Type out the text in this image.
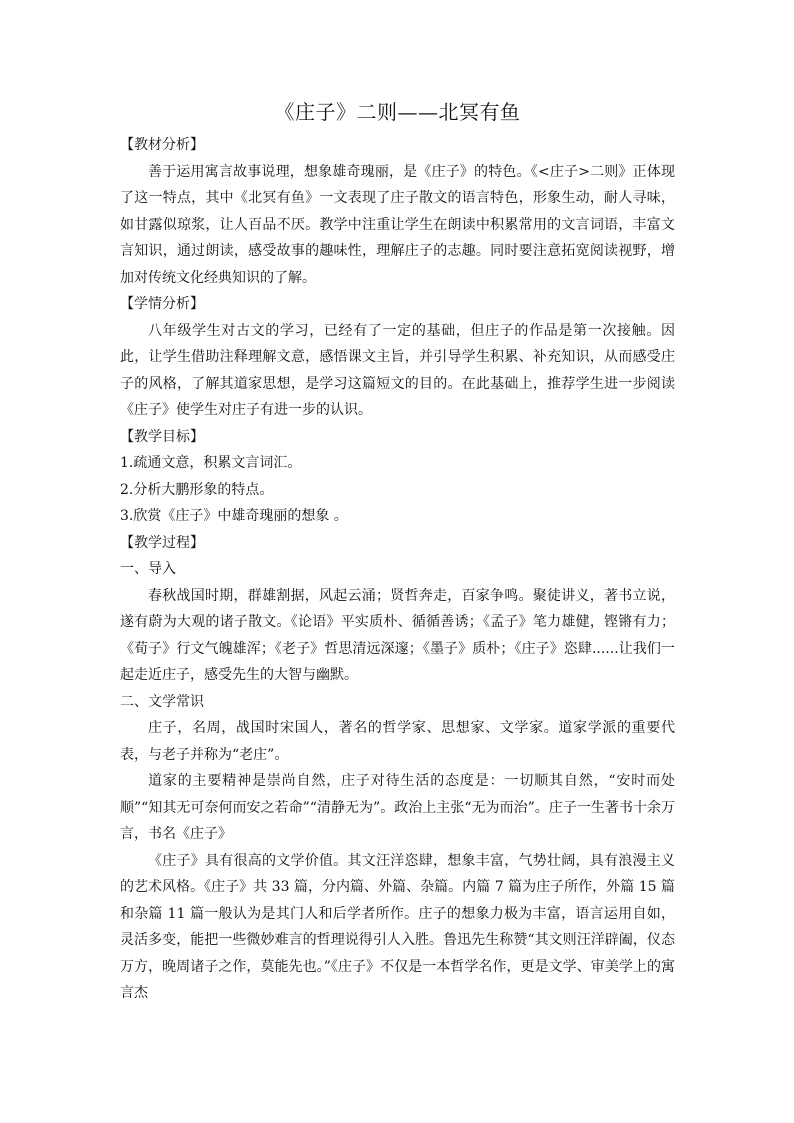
《庄子》二则——北冥有鱼

【教材分析】

善于运用寓言故事说理，想象雄奇瑰丽，是《庄子》的特色。《<庄子>二则》正体现了这一特点，其中《北冥有鱼》一文表现了庄子散文的语言特色，形象生动，耐人寻味，如甘露似琼浆，让人百品不厌。教学中注重让学生在朗读中积累常用的文言词语，丰富文言知识，通过朗读，感受故事的趣味性，理解庄子的志趣。同时要注意拓宽阅读视野，增加对传统文化经典知识的了解。

【学情分析】

八年级学生对古文的学习，已经有了一定的基础，但庄子的作品是第一次接触。因此，让学生借助注释理解文意，感悟课文主旨，并引导学生积累、补充知识，从而感受庄子的风格，了解其道家思想，是学习这篇短文的目的。在此基础上，推荐学生进一步阅读《庄子》使学生对庄子有进一步的认识。

【教学目标】

1.疏通文意，积累文言词汇。

2.分析大鹏形象的特点。

3.欣赏《庄子》中雄奇瑰丽的想象 。

【教学过程】

一、导入

春秋战国时期，群雄割据，风起云涌；贤哲奔走，百家争鸣。聚徒讲义，著书立说，遂有蔚为大观的诸子散文。《论语》平实质朴、循循善诱；《孟子》笔力雄健，铿锵有力；《荀子》行文气魄雄浑；《老子》哲思清远深邃；《墨子》质朴；《庄子》恣肆......让我们一起走近庄子，感受先生的大智与幽默。

二、文学常识

庄子，名周，战国时宋国人，著名的哲学家、思想家、文学家。道家学派的重要代表，与老子并称为“老庄”。

道家的主要精神是崇尚自然，庄子对待生活的态度是：一切顺其自然，“安时而处顺”“知其无可奈何而安之若命”“清静无为”。政治上主张“无为而治”。庄子一生著书十余万言，书名《庄子》

《庄子》具有很高的文学价值。其文汪洋恣肆，想象丰富，气势壮阔，具有浪漫主义的艺术风格。《庄子》共 33 篇，分内篇、外篇、杂篇。内篇 7 篇为庄子所作，外篇 15 篇和杂篇 11 篇一般认为是其门人和后学者所作。庄子的想象力极为丰富，语言运用自如，灵活多变，能把一些微妙难言的哲理说得引人入胜。鲁迅先生称赞“其文则汪洋辟阖，仪态万方，晚周诸子之作，莫能先也。”《庄子》不仅是一本哲学名作，更是文学、审美学上的寓言杰
